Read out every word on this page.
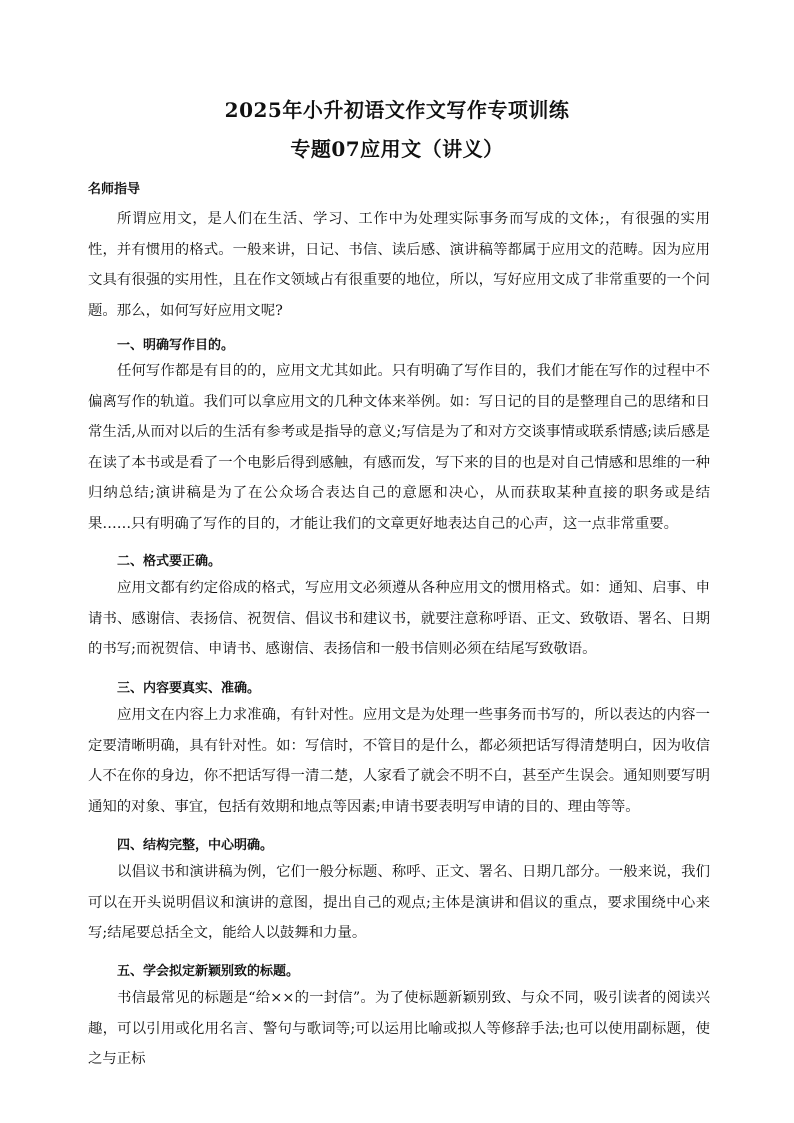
2025年小升初语文作文写作专项训练
专题07应用文（讲义）
名师指导

所谓应用文，是人们在生活、学习、工作中为处理实际事务而写成的文体;，有很强的实用性，并有惯用的格式。一般来讲，日记、书信、读后感、演讲稿等都属于应用文的范畴。因为应用文具有很强的实用性，且在作文领域占有很重要的地位，所以，写好应用文成了非常重要的一个问题。那么，如何写好应用文呢?

一、明确写作目的。

任何写作都是有目的的，应用文尤其如此。只有明确了写作目的，我们才能在写作的过程中不偏离写作的轨道。我们可以拿应用文的几种文体来举例。如：写日记的目的是整理自己的思绪和日常生活,从而对以后的生活有参考或是指导的意义;写信是为了和对方交谈事情或联系情感;读后感是在读了本书或是看了一个电影后得到感触，有感而发，写下来的目的也是对自己情感和思维的一种归纳总结;演讲稿是为了在公众场合表达自己的意愿和决心，从而获取某种直接的职务或是结果……只有明确了写作的目的，才能让我们的文章更好地表达自己的心声，这一点非常重要。

二、格式要正确。

应用文都有约定俗成的格式，写应用文必须遵从各种应用文的惯用格式。如：通知、启事、申请书、感谢信、表扬信、祝贺信、倡议书和建议书，就要注意称呼语、正文、致敬语、署名、日期的书写;而祝贺信、申请书、感谢信、表扬信和一般书信则必须在结尾写致敬语。

三、内容要真实、准确。

应用文在内容上力求准确，有针对性。应用文是为处理一些事务而书写的，所以表达的内容一定要清晰明确，具有针对性。如：写信时，不管目的是什么，都必须把话写得清楚明白，因为收信人不在你的身边，你不把话写得一清二楚，人家看了就会不明不白，甚至产生误会。通知则要写明通知的对象、事宜，包括有效期和地点等因素;申请书要表明写申请的目的、理由等等。

四、结构完整，中心明确。

以倡议书和演讲稿为例，它们一般分标题、称呼、正文、署名、日期几部分。一般来说，我们可以在开头说明倡议和演讲的意图，提出自己的观点;主体是演讲和倡议的重点，要求围绕中心来写;结尾要总括全文，能给人以鼓舞和力量。

五、学会拟定新颖别致的标题。

书信最常见的标题是“给××的一封信”。为了使标题新颖别致、与众不同，吸引读者的阅读兴趣，可以引用或化用名言、警句与歌词等;可以运用比喻或拟人等修辞手法;也可以使用副标题，使之与正标
